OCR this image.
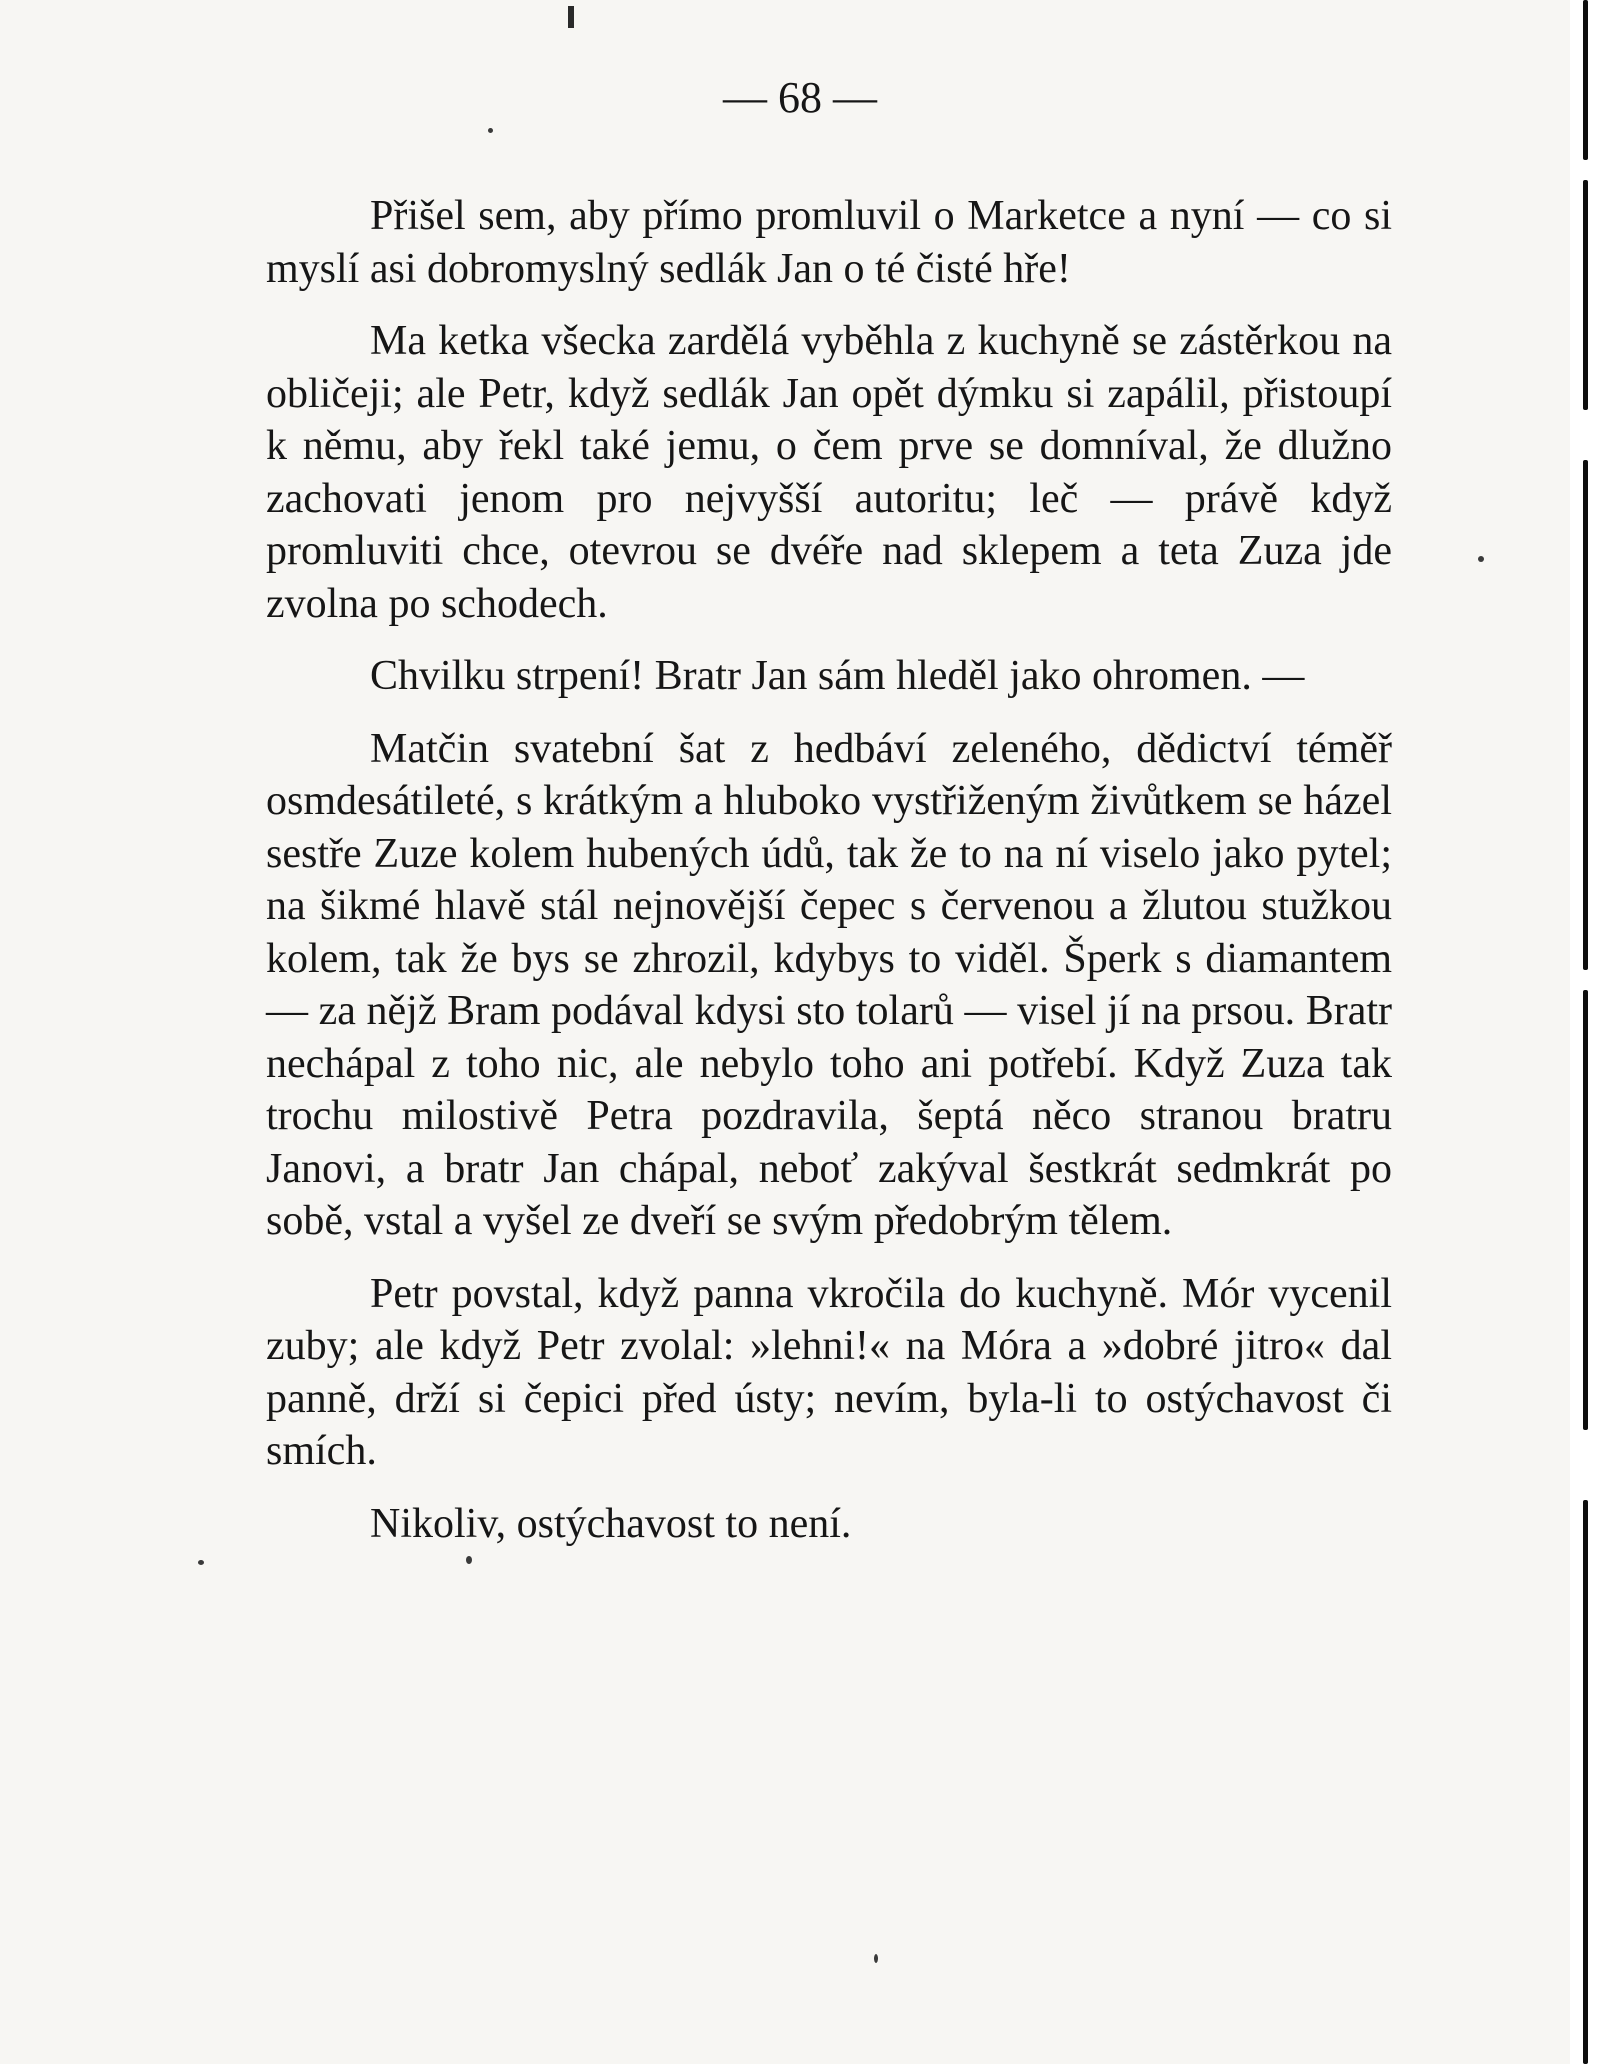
— 68 —

Přišel sem, aby přímo promluvil o Marketce a nyní — co si myslí asi dobromyslný sedlák Jan o té čisté hře!

Ma ketka všecka zardělá vyběhla z kuchyně se zástěrkou na obličeji; ale Petr, když sedlák Jan opět dýmku si zapálil, přistoupí k němu, aby řekl také jemu, o čem prve se domníval, že dlužno zachovati jenom pro nejvyšší autoritu; leč — právě když promluviti chce, otevrou se dvéře nad sklepem a teta Zuza jde zvolna po schodech.

Chvilku strpení! Bratr Jan sám hleděl jako ohromen. —

Matčin svatební šat z hedbáví zeleného, dědictví téměř osmdesátileté, s krátkým a hluboko vystřiženým živůtkem se házel sestře Zuze kolem hubených údů, tak že to na ní viselo jako pytel; na šikmé hlavě stál nejnovější čepec s červenou a žlutou stužkou kolem, tak že bys se zhrozil, kdybys to viděl. Šperk s diamantem — za nějž Bram podával kdysi sto tolarů — visel jí na prsou. Bratr nechápal z toho nic, ale nebylo toho ani potřebí. Když Zuza tak trochu milostivě Petra pozdravila, šeptá něco stranou bratru Janovi, a bratr Jan chápal, neboť zakýval šestkrát sedmkrát po sobě, vstal a vyšel ze dveří se svým předobrým tělem.

Petr povstal, když panna vkročila do kuchyně. Mór vycenil zuby; ale když Petr zvolal: »lehni!« na Móra a »dobré jitro« dal panně, drží si čepici před ústy; nevím, byla-li to ostýchavost či smích.

Nikoliv, ostýchavost to není.
